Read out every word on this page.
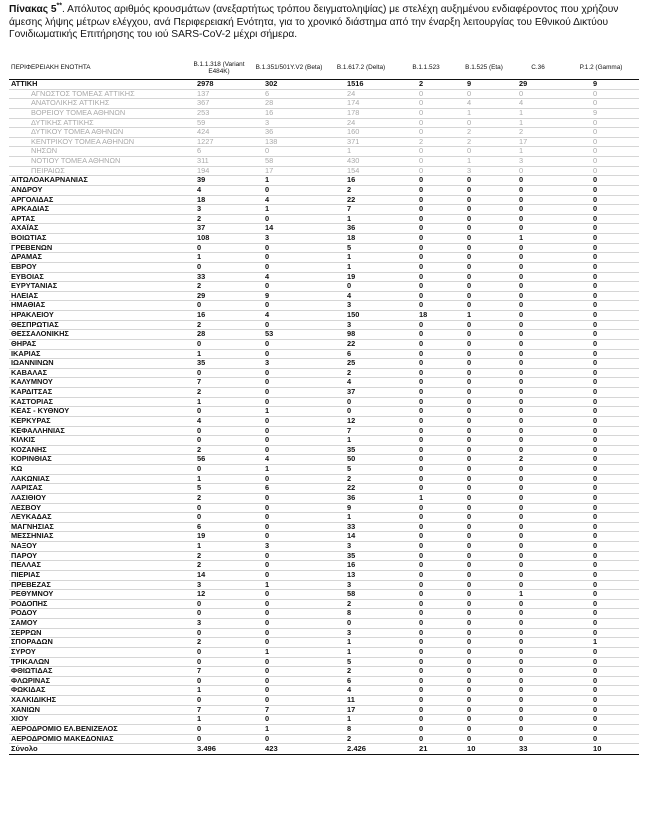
Πίνακας 5**. Απόλυτος αριθμός κρουσμάτων (ανεξαρτήτως τρόπου δειγματοληψίας) με στελέχη αυξημένου ενδιαφέροντος που χρήζουν άμεσης λήψης μέτρων ελέγχου, ανά Περιφερειακή Ενότητα, για το χρονικό διάστημα από την έναρξη λειτουργίας του Εθνικού Δικτύου Γονιδιωματικής Επιτήρησης του ιού SARS-CoV-2 μέχρι σήμερα.
ΠΕΡΙΦΕΡΕΙΑΚΗ ΕΝΟΤΗΤΑ	B.1.1.318 (Variant E484K)	B.1.351/501Y.V2 (Beta)	B.1.617.2 (Delta)	B.1.1.523	B.1.525 (Eta)	C.36	P.1.2 (Gamma)
ΑΤΤΙΚΗ	2978	302	1516	2	9	29	9
ΑΓΝΩΣΤΟΣ ΤΟΜΕΑΣ ΑΤΤΙΚΗΣ	137	6	24	0	0	0	0
ΑΝΑΤΟΛΙΚΗΣ ΑΤΤΙΚΗΣ	367	28	174	0	4	4	0
ΒΟΡΕΙΟΥ ΤΟΜΕΑ ΑΘΗΝΩΝ	253	16	178	0	1	1	9
ΔΥΤΙΚΗΣ ΑΤΤΙΚΗΣ	59	3	24	0	0	1	0
ΔΥΤΙΚΟΥ ΤΟΜΕΑ ΑΘΗΝΩΝ	424	36	160	0	2	2	0
ΚΕΝΤΡΙΚΟΥ ΤΟΜΕΑ ΑΘΗΝΩΝ	1227	138	371	2	2	17	0
ΝΗΣΩΝ	6	0	1	0	0	1	0
ΝΟΤΙΟΥ ΤΟΜΕΑ ΑΘΗΝΩΝ	311	58	430	0	1	3	0
ΠΕΙΡΑΙΩΣ	194	17	154	0	3	0	0
ΑΙΤΩΛΟΑΚΑΡΝΑΝΙΑΣ	39	1	16	0	0	0	0
ΑΝΔΡΟΥ	4	0	2	0	0	0	0
ΑΡΓΟΛΙΔΑΣ	18	4	22	0	0	0	0
ΑΡΚΑΔΙΑΣ	3	1	7	0	0	0	0
ΑΡΤΑΣ	2	0	1	0	0	0	0
ΑΧΑΪΑΣ	37	14	36	0	0	0	0
ΒΟΙΩΤΙΑΣ	108	3	18	0	0	1	0
ΓΡΕΒΕΝΩΝ	0	0	5	0	0	0	0
ΔΡΑΜΑΣ	1	0	1	0	0	0	0
ΕΒΡΟΥ	0	0	1	0	0	0	0
ΕΥΒΟΙΑΣ	33	4	19	0	0	0	0
ΕΥΡΥΤΑΝΙΑΣ	2	0	0	0	0	0	0
ΗΛΕΙΑΣ	29	9	4	0	0	0	0
ΗΜΑΘΙΑΣ	0	0	3	0	0	0	0
ΗΡΑΚΛΕΙΟΥ	16	4	150	18	1	0	0
ΘΕΣΠΡΩΤΙΑΣ	2	0	3	0	0	0	0
ΘΕΣΣΑΛΟΝΙΚΗΣ	28	53	98	0	0	0	0
ΘΗΡΑΣ	0	0	22	0	0	0	0
ΙΚΑΡΙΑΣ	1	0	6	0	0	0	0
ΙΩΑΝΝΙΝΩΝ	35	3	25	0	0	0	0
ΚΑΒΑΛΑΣ	0	0	2	0	0	0	0
ΚΑΛΥΜΝΟΥ	7	0	4	0	0	0	0
ΚΑΡΔΙΤΣΑΣ	2	0	37	0	0	0	0
ΚΑΣΤΟΡΙΑΣ	1	0	0	0	0	0	0
ΚΕΑΣ - ΚΥΘΝΟΥ	0	1	0	0	0	0	0
ΚΕΡΚΥΡΑΣ	4	0	12	0	0	0	0
ΚΕΦΑΛΛΗΝΙΑΣ	0	0	7	0	0	0	0
ΚΙΛΚΙΣ	0	0	1	0	0	0	0
ΚΟΖΑΝΗΣ	2	0	35	0	0	0	0
ΚΟΡΙΝΘΙΑΣ	56	4	50	0	0	2	0
ΚΩ	0	1	5	0	0	0	0
ΛΑΚΩΝΙΑΣ	1	0	2	0	0	0	0
ΛΑΡΙΣΑΣ	5	6	22	0	0	0	0
ΛΑΣΙΘΙΟΥ	2	0	36	1	0	0	0
ΛΕΣΒΟΥ	0	0	9	0	0	0	0
ΛΕΥΚΑΔΑΣ	0	0	1	0	0	0	0
ΜΑΓΝΗΣΙΑΣ	6	0	33	0	0	0	0
ΜΕΣΣΗΝΙΑΣ	19	0	14	0	0	0	0
ΝΑΞΟΥ	1	3	3	0	0	0	0
ΠΑΡΟΥ	2	0	35	0	0	0	0
ΠΕΛΛΑΣ	2	0	16	0	0	0	0
ΠΙΕΡΙΑΣ	14	0	13	0	0	0	0
ΠΡΕΒΕΖΑΣ	3	1	3	0	0	0	0
ΡΕΘΥΜΝΟΥ	12	0	58	0	0	1	0
ΡΟΔΟΠΗΣ	0	0	2	0	0	0	0
ΡΟΔΟΥ	0	0	8	0	0	0	0
ΣΑΜΟΥ	3	0	0	0	0	0	0
ΣΕΡΡΩΝ	0	0	3	0	0	0	0
ΣΠΟΡΑΔΩΝ	2	0	1	0	0	0	1
ΣΥΡΟΥ	0	1	1	0	0	0	0
ΤΡΙΚΑΛΩΝ	0	0	5	0	0	0	0
ΦΘΙΩΤΙΔΑΣ	7	0	2	0	0	0	0
ΦΛΩΡΙΝΑΣ	0	0	6	0	0	0	0
ΦΩΚΙΔΑΣ	1	0	4	0	0	0	0
ΧΑΛΚΙΔΙΚΗΣ	0	0	11	0	0	0	0
ΧΑΝΙΩΝ	7	7	17	0	0	0	0
ΧΙΟΥ	1	0	1	0	0	0	0
ΑΕΡΟΔΡΟΜΙΟ ΕΛ.ΒΕΝΙΖΕΛΟΣ	0	1	8	0	0	0	0
ΑΕΡΟΔΡΟΜΙΟ ΜΑΚΕΔΟΝΙΑΣ	0	0	2	0	0	0	0
Σύνολο	3.496	423	2.426	21	10	33	10
